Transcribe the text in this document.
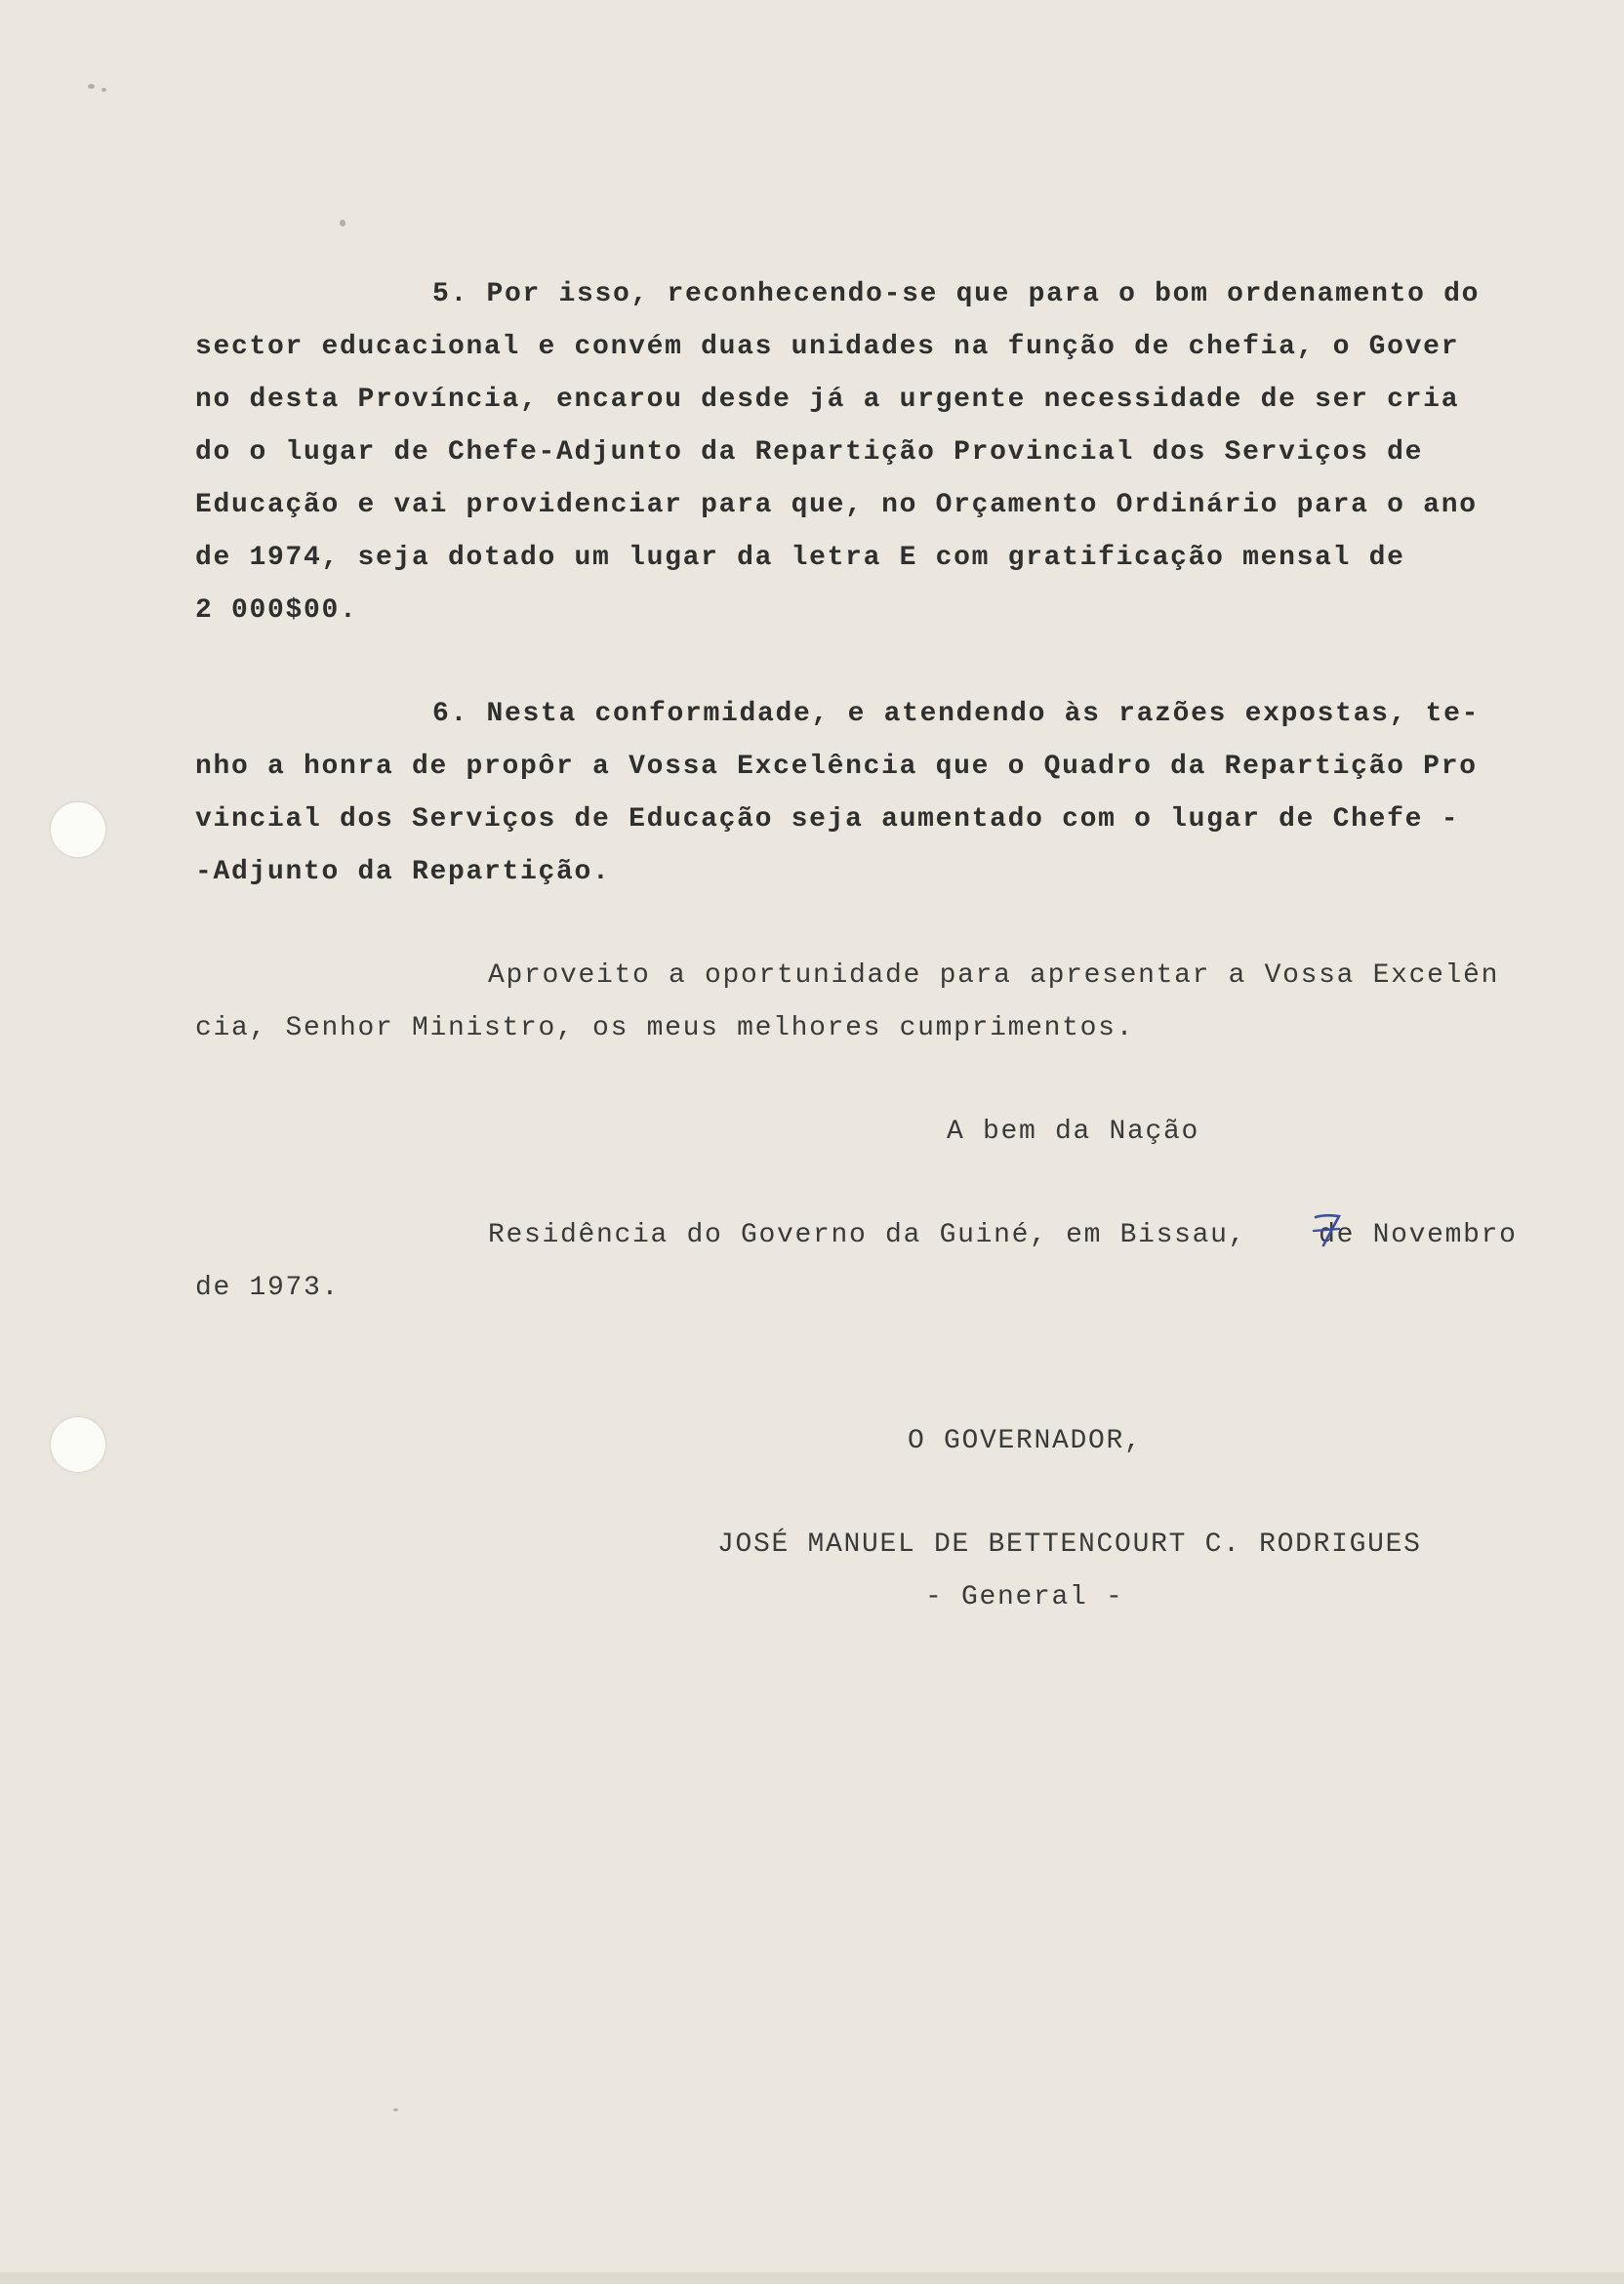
5. Por isso, reconhecendo-se que para o bom ordenamento do
sector educacional e convém duas unidades na função de chefia, o Gover
no desta Província, encarou desde já a urgente necessidade de ser cria
do o lugar de Chefe-Adjunto da Repartição Provincial dos Serviços de
Educação e vai providenciar para que, no Orçamento Ordinário para o ano
de 1974, seja dotado um lugar da letra E com gratificação mensal de
2 000$00.
6. Nesta conformidade, e atendendo às razões expostas, te-
nho a honra de propôr a Vossa Excelência que o Quadro da Repartição Pro
vincial dos Serviços de Educação seja aumentado com o lugar de Chefe -
-Adjunto da Repartição.
Aproveito a oportunidade para apresentar a Vossa Excelên
cia, Senhor Ministro, os meus melhores cumprimentos.
A bem da Nação
Residência do Governo da Guiné, em Bissau,    de Novembro
de 1973.
O GOVERNADOR,
JOSÉ MANUEL DE BETTENCOURT C. RODRIGUES
- General -
